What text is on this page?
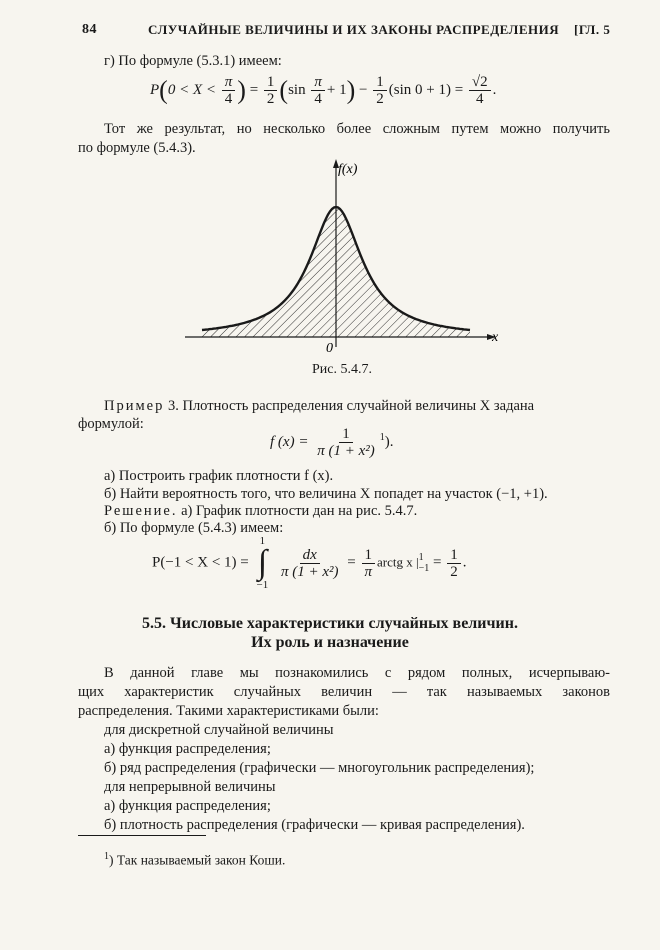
84	СЛУЧАЙНЫЕ ВЕЛИЧИНЫ И ИХ ЗАКОНЫ РАСПРЕДЕЛЕНИЯ [ГЛ. 5
г) По формуле (5.3.1) имеем:
$P(0 < X < \frac{\pi}{4}$ ) = $\frac{1}{2} (\sin \frac{\pi}{4} + 1) - \frac{1}{2} (\sin$ $0 + 1) = \frac{√2}{4}$ .
Тот же результат, но несколько более сложным путем можно получить
по формуле (5.4.3).
f(x)
x
0
Рис. 5.4.7.
Пример 3. Плотность распределения случайной величины X задана
формулой:
f $(x) = \frac{1}{\text{π (1 + x²)}} ^1$).
а) Построить график плотности f (x).
б) Найти вероятность того, что величина X попадет на участок (−1, +1).
Решение. а) График плотности дан на рис. 5.4.7.
б) По формуле (5.4.3) имеем:
P(−1 < X < 1) =
1
∫
−1

$\frac{dx}{\text{π (1 + x²)}} = \frac{1}{\pi}$ arctg x | 1
$-1 = \frac{1}{2}$ .
5.5. Числовые характеристики случайных величин.
Их роль и назначение
В данной главе мы познакомились с рядом полных, исчерпываю-
щих характеристик случайных величин — так называемых законов
распределения. Такими характеристиками были:
для дискретной случайной величины
а) функция распределения;
б) ряд распределения (графически — многоугольник распределения);
для непрерывной величины
а) функция распределения;
б) плотность распределения (графически — кривая распределения).
$^1$) Так называемый закон Коши.
